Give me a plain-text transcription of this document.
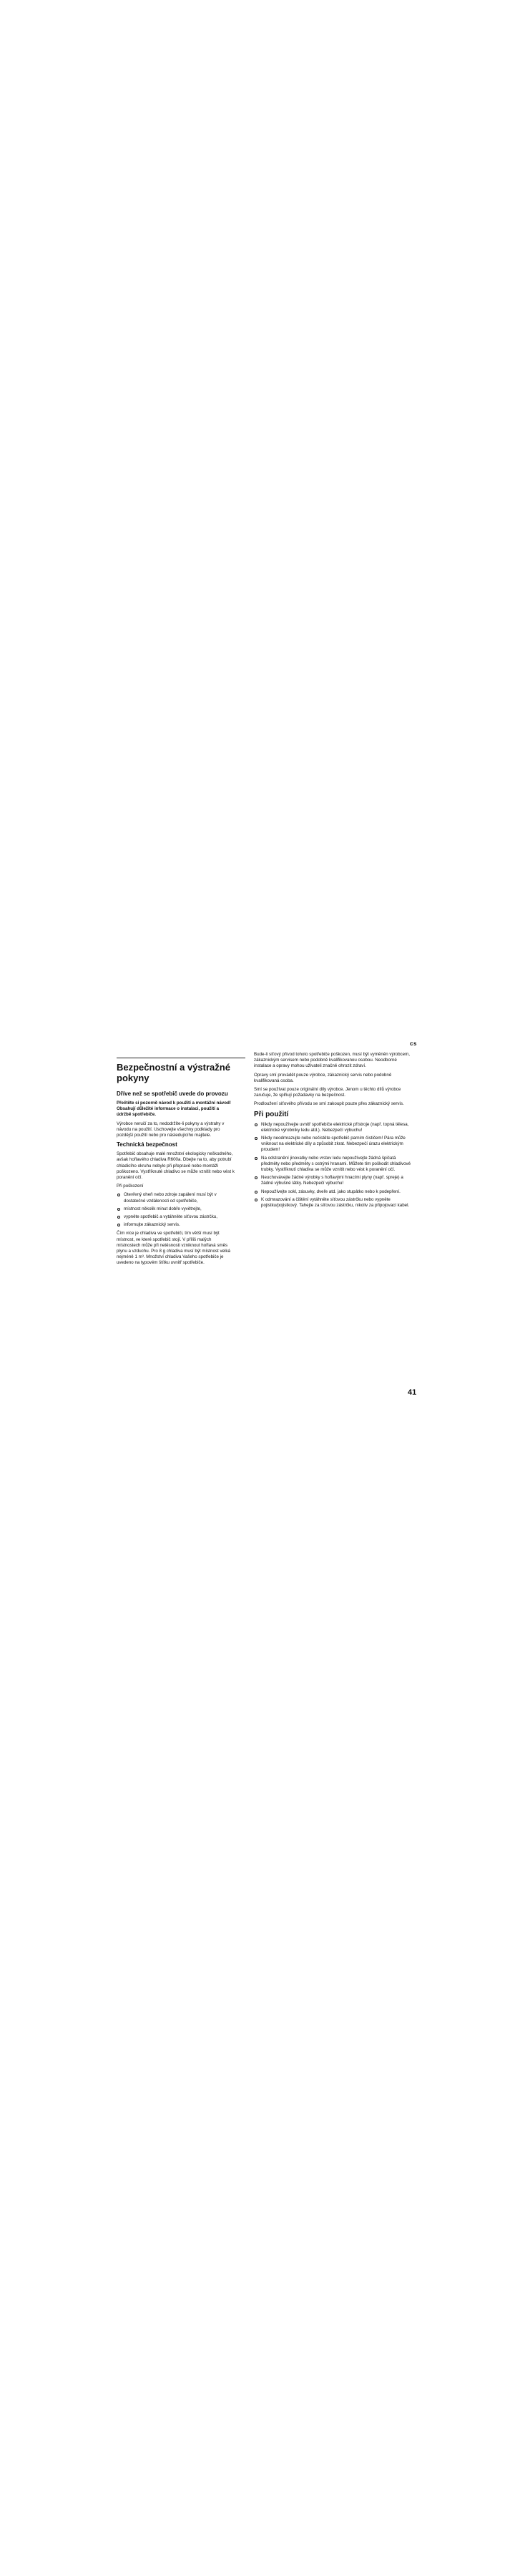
cs
Bezpečnostní a výstražné pokyny
Dříve než se spotřebič uvede do provozu

Přečtěte si pozorně návod k použití a montážní návod! Obsahují důležité informace o instalaci, použití a údržbě spotřebiče.

Výrobce neručí za to, nedodržíte-li pokyny a výstrahy v návodu na použití. Uschovejte všechny podklady pro pozdější použití nebo pro následujícího majitele.

Technická bezpečnost

Spotřebič obsahuje malé množství ekologicky neškodného, avšak hořlavého chladiva R600a. Dbejte na to, aby potrubí chladicího okruhu nebylo při přepravě nebo montáži poškozeno. Vystříknuté chladivo se může vznítit nebo vést k poranění očí.

Při poškození

Otevřený oheň nebo zdroje zapálení musí být v dostatečné vzdálenosti od spotřebiče,
místnost několik minut dobře vyvětrejte,
vypněte spotřebič a vytáhněte síťovou zástrčku,
informujte zákaznický servis.

Čím více je chladiva ve spotřebiči, tím větší musí být místnost, ve které spotřebič stojí. V příliš malých místnostech může při netěsnosti vzniknout hořlavá směs plynu a vzduchu. Pro 8 g chladiva musí být místnost velká nejméně 1 m³. Množství chladiva Vašeho spotřebiče je uvedeno na typovém štítku uvnitř spotřebiče.

Bude-li síťový přívod tohoto spotřebiče poškozen, musí být vyměněn výrobcem, zákaznickým servisem nebo podobně kvalifikovanou osobou. Neodborné instalace a opravy mohou uživateli značně ohrozit zdraví.

Opravy smí provádět pouze výrobce, zákaznický servis nebo podobně kvalifikovaná osoba.

Smí se používat pouze originální díly výrobce. Jenom u těchto dílů výrobce zaručuje, že splňují požadavky na bezpečnost.

Prodloužení síťového přívodu se smí zakoupit pouze přes zákaznický servis.

Při použití
Nikdy nepoužívejte uvnitř spotřebiče elektrické přístroje (např. topná tělesa, elektrické výrobníky ledu atd.). Nebezpečí výbuchu!
Nikdy neodmrazujte nebo nečistěte spotřebič parním čističem! Pára může vniknout na elektrické díly a způsobit zkrat. Nebezpečí úrazu elektrickým proudem!
Na odstranění jinovatky nebo vrstev ledu nepoužívejte žádná špičatá předměty nebo předměty s ostrými hranami. Můžete tím poškodit chladivové trubky. Vystříknutí chladiva se může vznítit nebo vést k poranění očí.
Neuchovávejte žádné výrobky s hořlavými hnacími plyny (např. spreje) a žádné výbušné látky. Nebezpečí výbuchu!
Nepoužívejte sokl, zásuvky, dveře atd. jako stupátko nebo k podepření.
K odmrazování a čištění vytáhněte síťovou zástrčku nebo vypněte pojistku/pojistkový. Tahejte za síťovou zástrčku, nikoliv za připojovací kabel.
41
